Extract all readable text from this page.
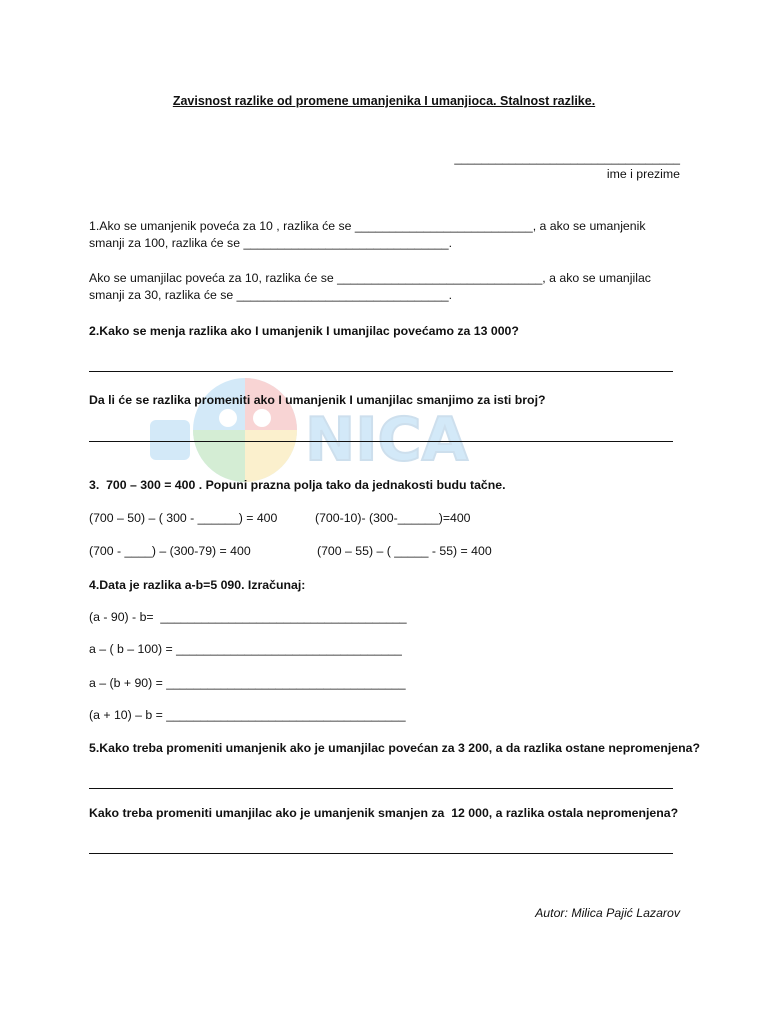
NICA
Zavisnost razlike od promene umanjenika I umanjioca. Stalnost razlike.
_________________________________
ime i prezime
1.Ako se umanjenik poveća za 10 , razlika će se __________________________, a ako se umanjenik
smanji za 100, razlika će se ______________________________.
Ako se umanjilac poveća za 10, razlika će se ______________________________, a ako se umanjilac
smanji za 30, razlika će se _______________________________.
2.Kako se menja razlika ako I umanjenik I umanjilac povećamo za 13 000?
Da li će se razlika promeniti ako I umanjenik I umanjilac smanjimo za isti broj?
3.  700 – 300 = 400 . Popuni prazna polja tako da jednakosti budu tačne.
(700 – 50) – ( 300 - ______) = 400	(700-10)- (300-______)=400
(700 - ____) – (300-79) = 400	(700 – 55) – ( _____ - 55) = 400
4.Data je razlika a-b=5 090. Izračunaj:
(a - 90) - b=  ____________________________________
a – ( b – 100) = _________________________________
a – (b + 90) = ___________________________________
(a + 10) – b = ___________________________________
5.Kako treba promeniti umanjenik ako je umanjilac povećan za 3 200, a da razlika ostane nepromenjena?
Kako treba promeniti umanjilac ako je umanjenik smanjen za  12 000, a razlika ostala nepromenjena?
Autor: Milica Pajić Lazarov
